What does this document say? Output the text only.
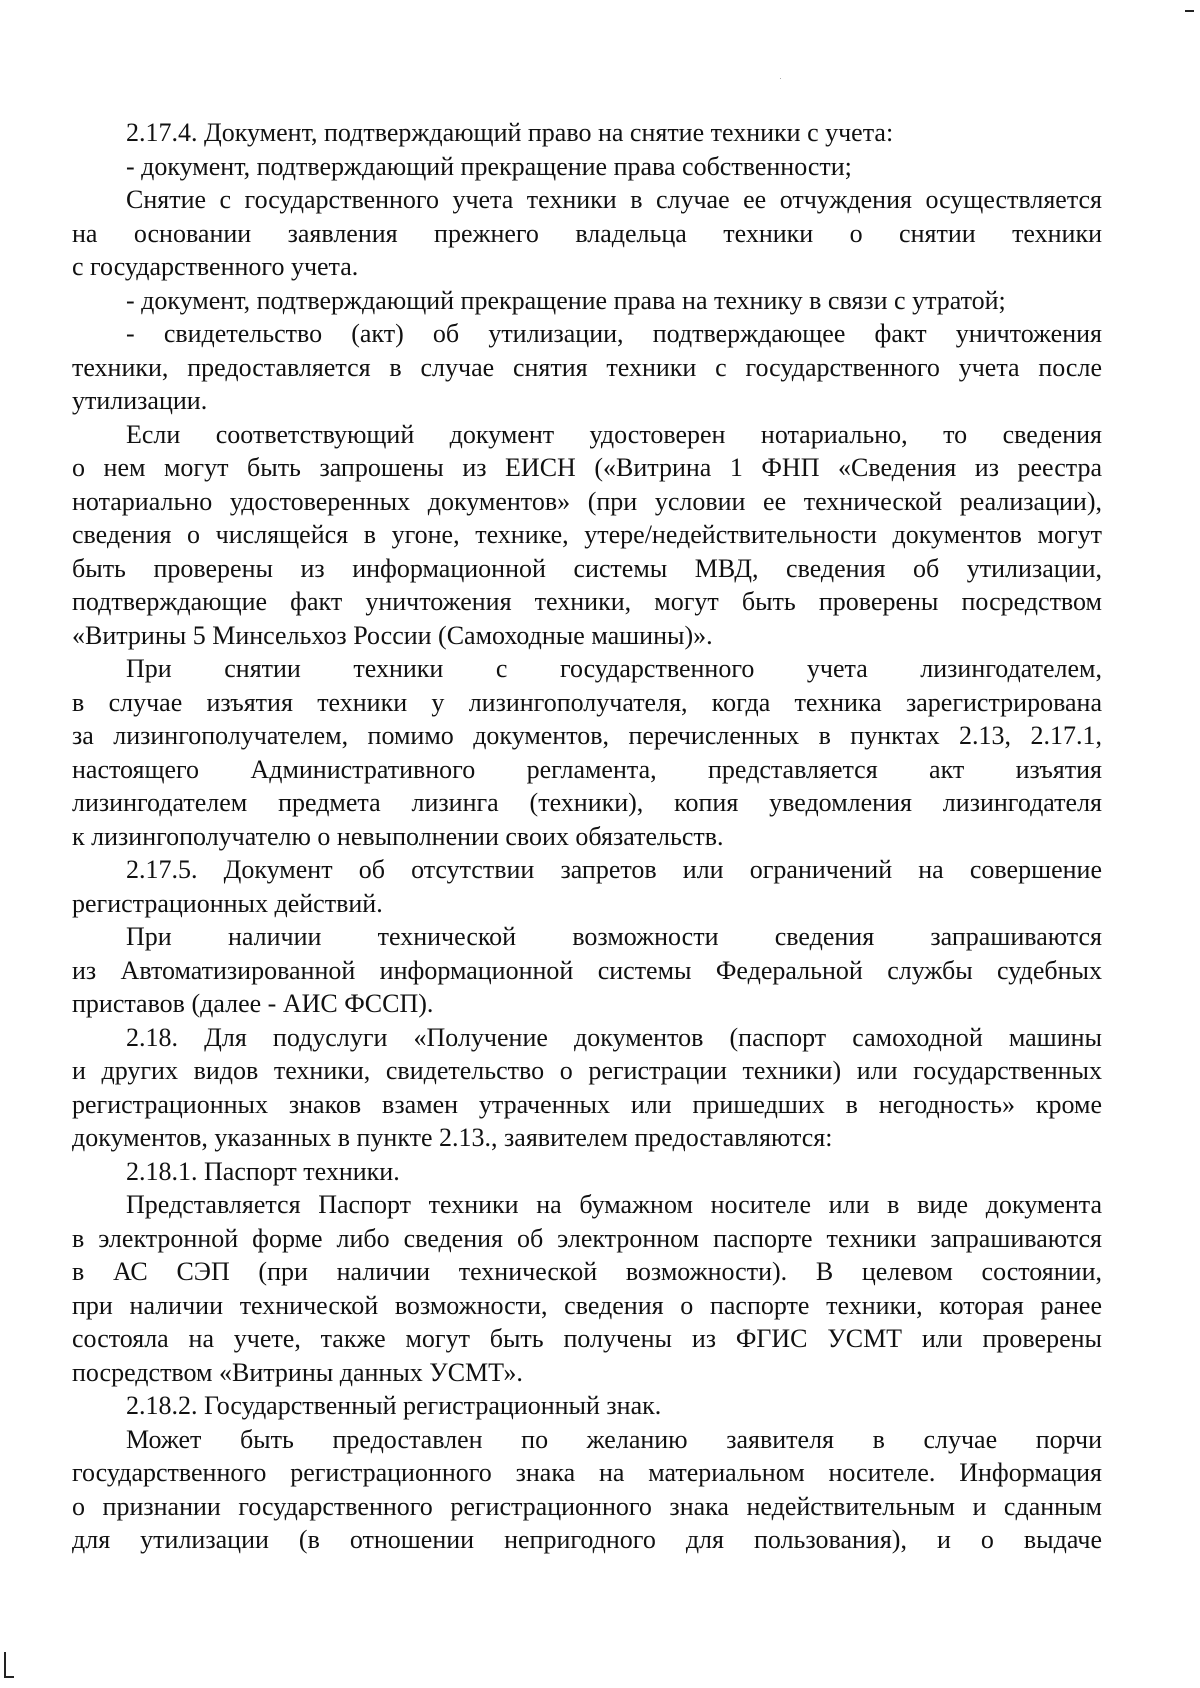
2.17.4. Документ, подтверждающий право на снятие техники с учета:
- документ, подтверждающий прекращение права собственности;
Снятие с государственного учета техники в случае ее отчуждения осуществляется
на основании заявления прежнего владельца техники о снятии техники
с государственного учета.
- документ, подтверждающий прекращение права на технику в связи с утратой;
- свидетельство (акт) об утилизации, подтверждающее факт уничтожения
техники, предоставляется в случае снятия техники с государственного учета после
утилизации.
Если соответствующий документ удостоверен нотариально, то сведения
о нем могут быть запрошены из ЕИСН («Витрина 1 ФНП «Сведения из реестра
нотариально удостоверенных документов» (при условии ее технической реализации),
сведения о числящейся в угоне, технике, утере/недействительности документов могут
быть проверены из информационной системы МВД, сведения об утилизации,
подтверждающие факт уничтожения техники, могут быть проверены посредством
«Витрины 5 Минсельхоз России (Самоходные машины)».
При снятии техники с государственного учета лизингодателем,
в случае изъятия техники у лизингополучателя, когда техника зарегистрирована
за лизингополучателем, помимо документов, перечисленных в пунктах 2.13, 2.17.1,
настоящего Административного регламента, представляется акт изъятия
лизингодателем предмета лизинга (техники), копия уведомления лизингодателя
к лизингополучателю о невыполнении своих обязательств.
2.17.5. Документ об отсутствии запретов или ограничений на совершение
регистрационных действий.
При наличии технической возможности сведения запрашиваются
из Автоматизированной информационной системы Федеральной службы судебных
приставов (далее - АИС ФССП).
2.18. Для подуслуги «Получение документов (паспорт самоходной машины
и других видов техники, свидетельство о регистрации техники) или государственных
регистрационных знаков взамен утраченных или пришедших в негодность» кроме
документов, указанных в пункте 2.13., заявителем предоставляются:
2.18.1. Паспорт техники.
Представляется Паспорт техники на бумажном носителе или в виде документа
в электронной форме либо сведения об электронном паспорте техники запрашиваются
в АС СЭП (при наличии технической возможности). В целевом состоянии,
при наличии технической возможности, сведения о паспорте техники, которая ранее
состояла на учете, также могут быть получены из ФГИС УСМТ или проверены
посредством «Витрины данных УСМТ».
2.18.2. Государственный регистрационный знак.
Может быть предоставлен по желанию заявителя в случае порчи
государственного регистрационного знака на материальном носителе. Информация
о признании государственного регистрационного знака недействительным и сданным
для утилизации (в отношении непригодного для пользования), и о выдаче
